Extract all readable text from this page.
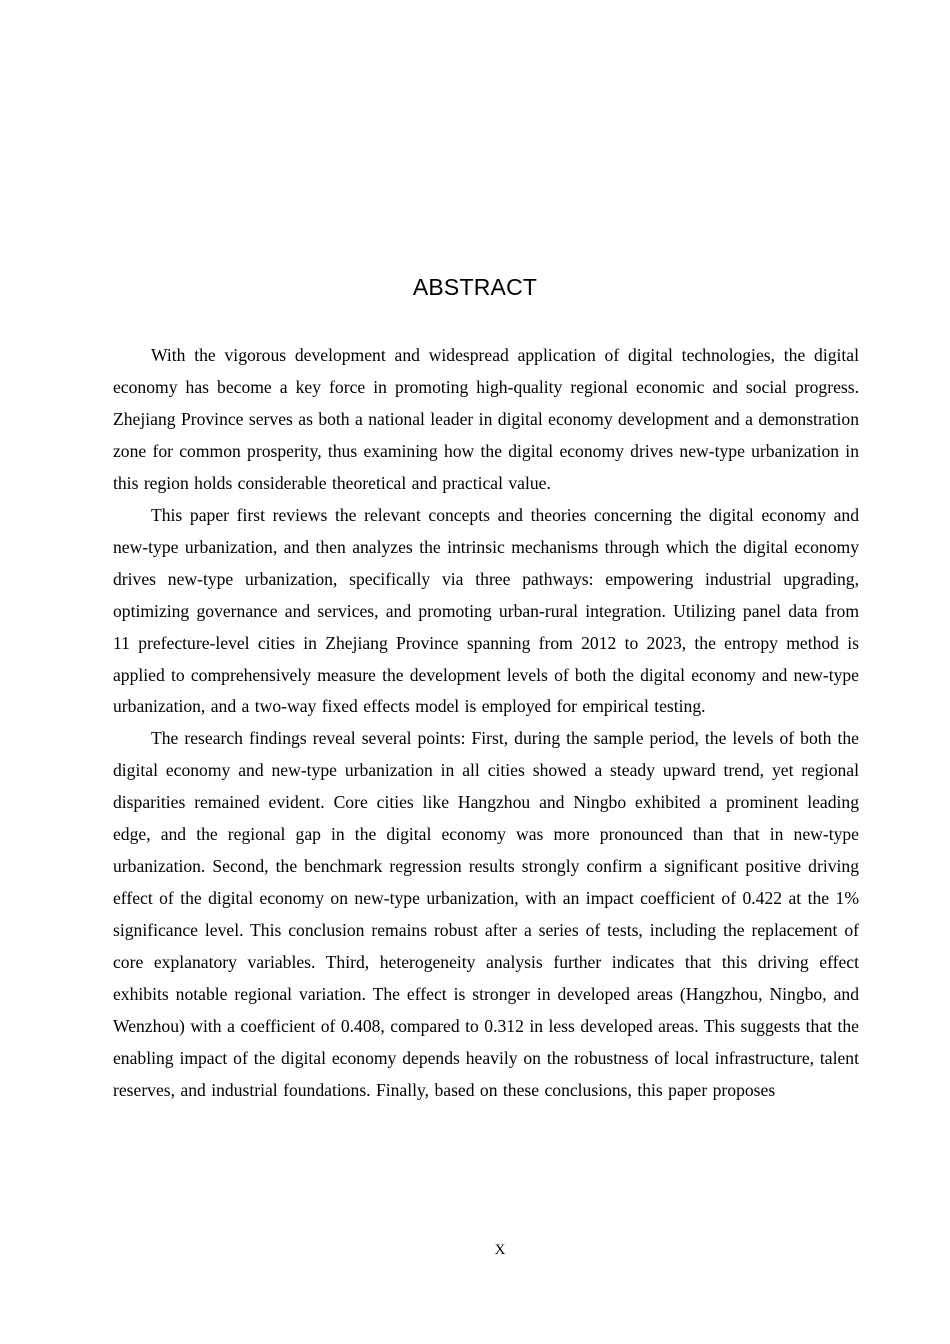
ABSTRACT

With the vigorous development and widespread application of digital technologies, the digital economy has become a key force in promoting high-quality regional economic and social progress. Zhejiang Province serves as both a national leader in digital economy development and a demonstration zone for common prosperity, thus examining how the digital economy drives new-type urbanization in this region holds considerable theoretical and practical value.

This paper first reviews the relevant concepts and theories concerning the digital economy and new-type urbanization, and then analyzes the intrinsic mechanisms through which the digital economy drives new-type urbanization, specifically via three pathways: empowering industrial upgrading, optimizing governance and services, and promoting urban-rural integration. Utilizing panel data from 11 prefecture-level cities in Zhejiang Province spanning from 2012 to 2023, the entropy method is applied to comprehensively measure the development levels of both the digital economy and new-type urbanization, and a two-way fixed effects model is employed for empirical testing.

The research findings reveal several points: First, during the sample period, the levels of both the digital economy and new-type urbanization in all cities showed a steady upward trend, yet regional disparities remained evident. Core cities like Hangzhou and Ningbo exhibited a prominent leading edge, and the regional gap in the digital economy was more pronounced than that in new-type urbanization. Second, the benchmark regression results strongly confirm a significant positive driving effect of the digital economy on new-type urbanization, with an impact coefficient of 0.422 at the 1% significance level. This conclusion remains robust after a series of tests, including the replacement of core explanatory variables. Third, heterogeneity analysis further indicates that this driving effect exhibits notable regional variation. The effect is stronger in developed areas (Hangzhou, Ningbo, and Wenzhou) with a coefficient of 0.408, compared to 0.312 in less developed areas. This suggests that the enabling impact of the digital economy depends heavily on the robustness of local infrastructure, talent reserves, and industrial foundations. Finally, based on these conclusions, this paper proposes

X
